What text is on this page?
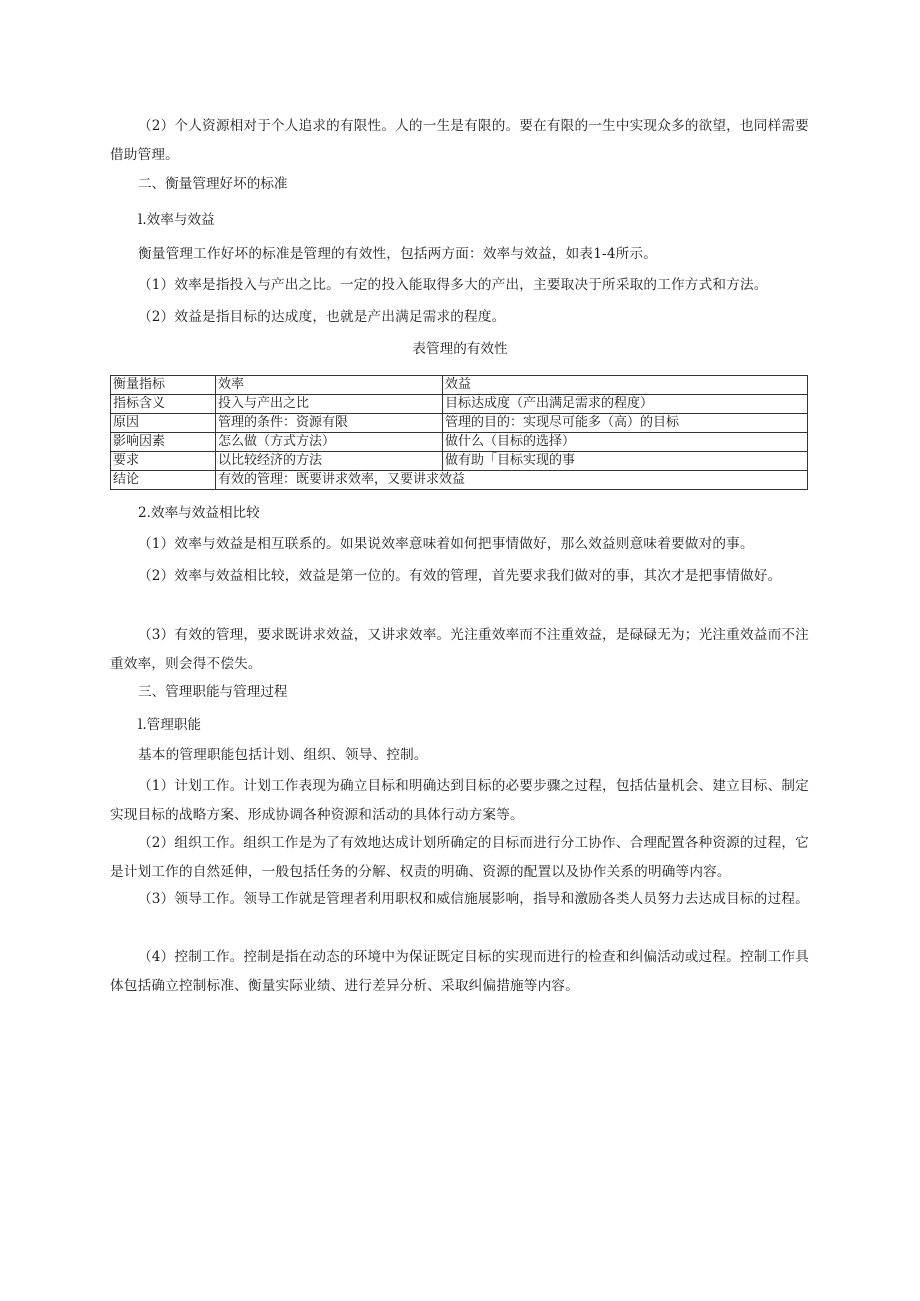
（2）个人资源相对于个人追求的有限性。人的一生是有限的。要在有限的一生中实现众多的欲望，也同样需要借助管理。

二、衡量管理好坏的标准

l.效率与效益

衡量管理工作好坏的标准是管理的有效性，包括两方面：效率与效益，如表1-4所示。

（1）效率是指投入与产出之比。一定的投入能取得多大的产出，主要取决于所采取的工作方式和方法。

（2）效益是指目标的达成度，也就是产出满足需求的程度。

表管理的有效性
衡量指标	效率	效益
指标含义	投入与产出之比	目标达成度（产出满足需求的程度）
原因	管理的条件：资源有限	管理的目的：实现尽可能多（高）的目标
影响因素	怎么做（方式方法）	做什么（目标的选择）
要求	以比较经济的方法	做有助「目标实现的事
结论	有效的管理：既要讲求效率，又要讲求效益	

2.效率与效益相比较

（1）效率与效益是相互联系的。如果说效率意味着如何把事情做好，那么效益则意味着要做对的事。

（2）效率与效益相比较，效益是第一位的。有效的管理，首先要求我们做对的事，其次才是把事情做好。

（3）有效的管理，要求既讲求效益，又讲求效率。光注重效率而不注重效益，是碌碌无为；光注重效益而不注重效率，则会得不偿失。

三、管理职能与管理过程

l.管理职能

基本的管理职能包括计划、组织、领导、控制。

（1）计划工作。计划工作表现为确立目标和明确达到目标的必要步骤之过程，包括估量机会、建立目标、制定实现目标的战略方案、形成协调各种资源和活动的具体行动方案等。

（2）组织工作。组织工作是为了有效地达成计划所确定的目标而进行分工协作、合理配置各种资源的过程，它是计划工作的自然延伸，一般包括任务的分解、权责的明确、资源的配置以及协作关系的明确等内容。

（3）领导工作。领导工作就是管理者利用职权和威信施展影响，指导和激励各类人员努力去达成目标的过程。

（4）控制工作。控制是指在动态的环境中为保证既定目标的实现而进行的检查和纠偏活动或过程。控制工作具体包括确立控制标准、衡量实际业绩、进行差异分析、采取纠偏措施等内容。
